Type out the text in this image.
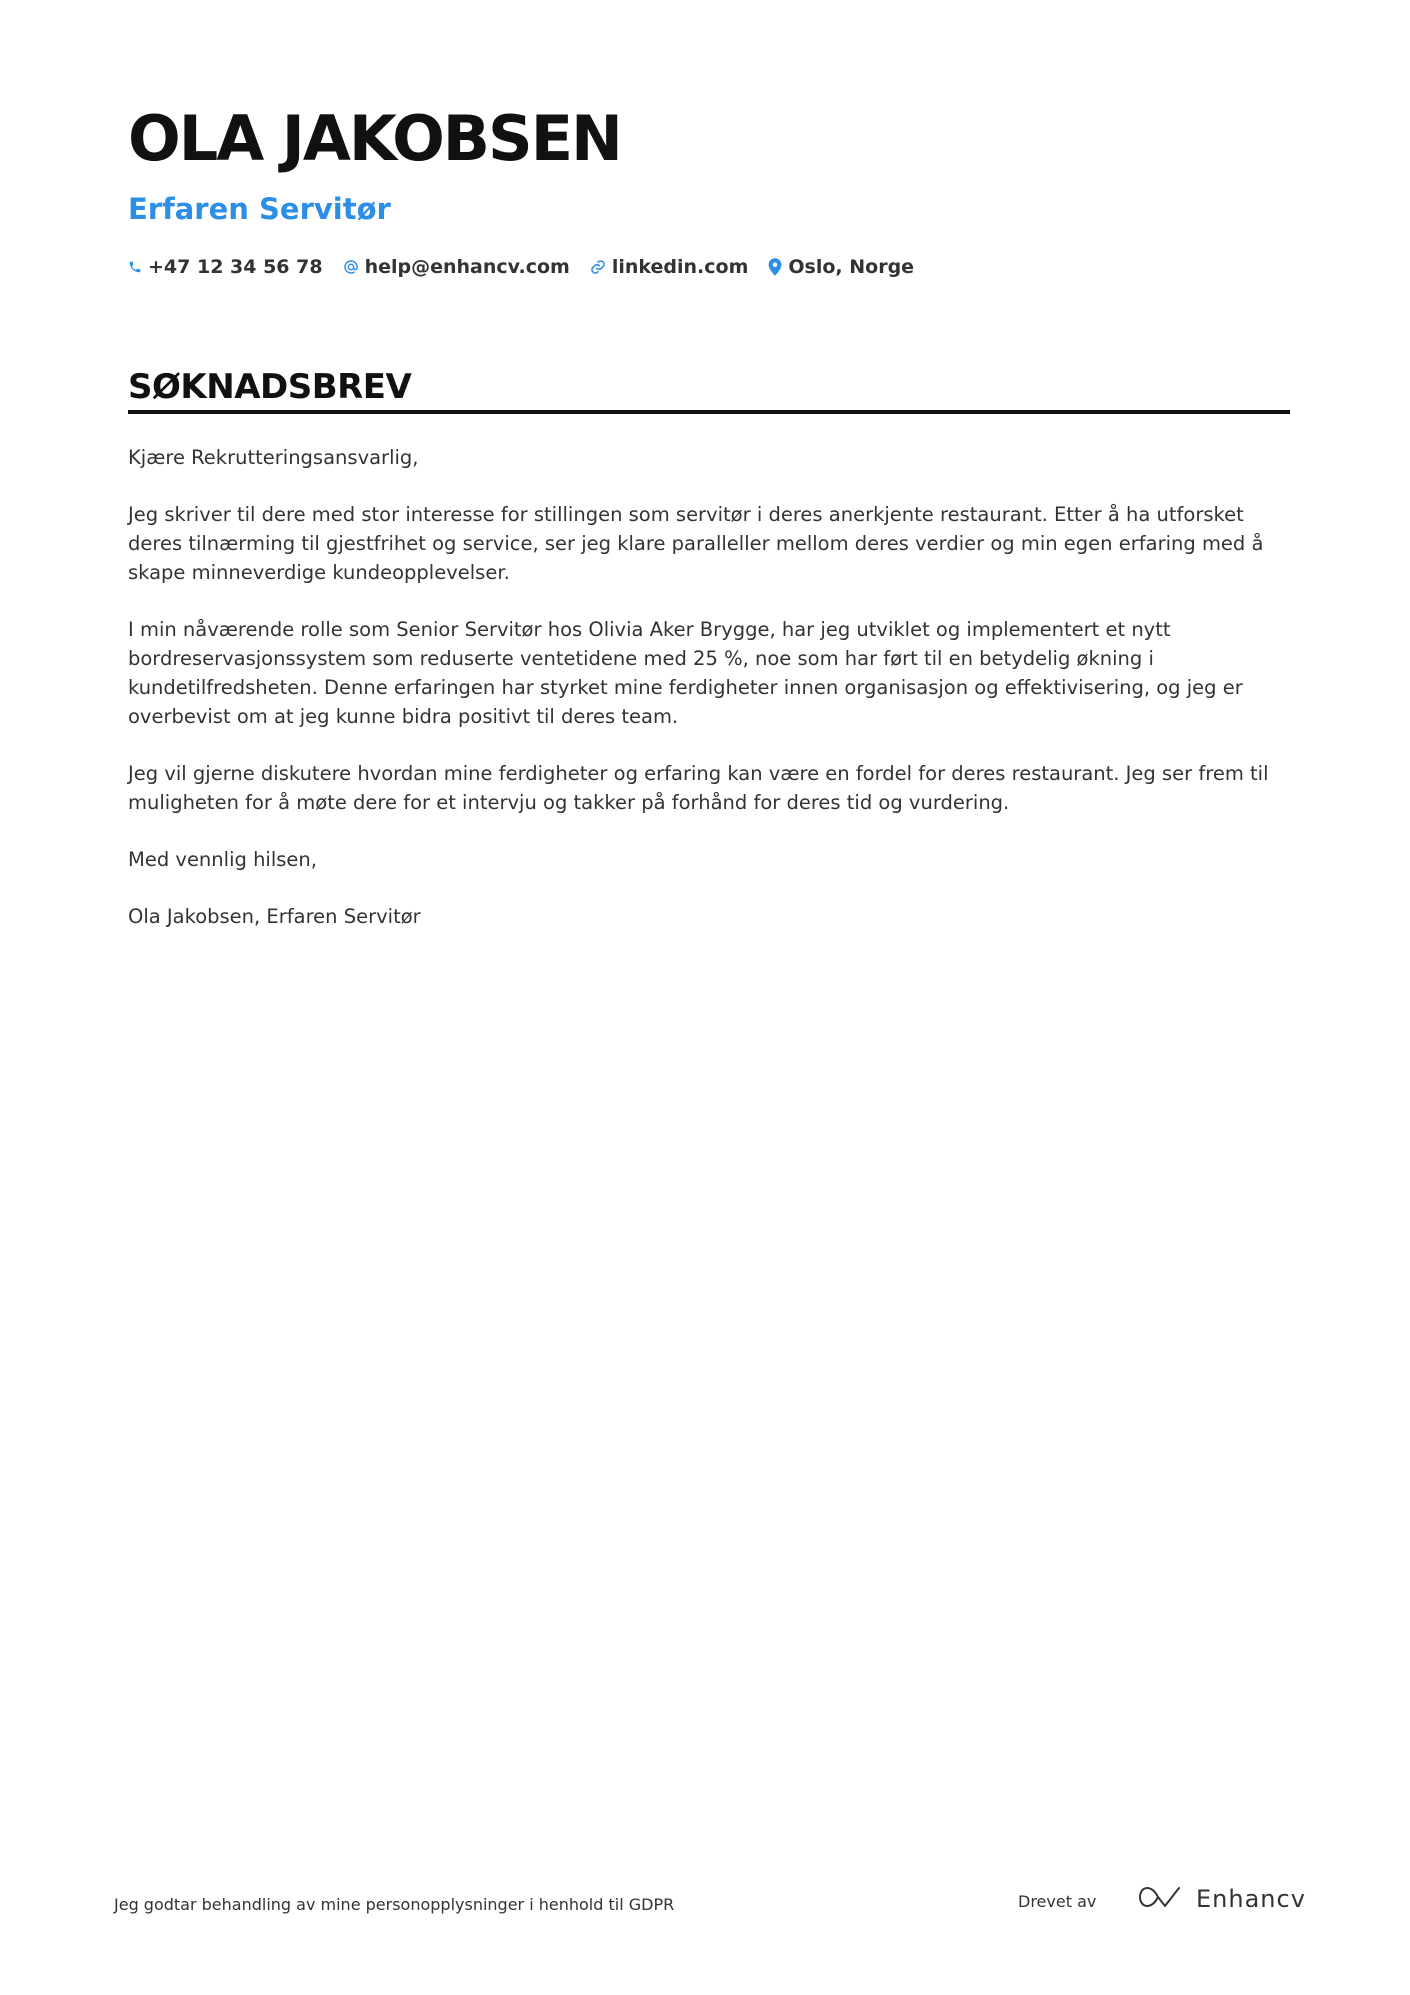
OLA JAKOBSEN
Erfaren Servitør
+47 12 34 56 78 help@enhancv.com linkedin.com Oslo, Norge
SØKNADSBREV

Kjære Rekrutteringsansvarlig,

Jeg skriver til dere med stor interesse for stillingen som servitør i deres anerkjente restaurant. Etter å ha utforsket deres tilnærming til gjestfrihet og service, ser jeg klare paralleller mellom deres verdier og min egen erfaring med å skape minneverdige kundeopplevelser.

I min nåværende rolle som Senior Servitør hos Olivia Aker Brygge, har jeg utviklet og implementert et nytt bordreservasjonssystem som reduserte ventetidene med 25 %, noe som har ført til en betydelig økning i kundetilfredsheten. Denne erfaringen har styrket mine ferdigheter innen organisasjon og effektivisering, og jeg er overbevist om at jeg kunne bidra positivt til deres team.

Jeg vil gjerne diskutere hvordan mine ferdigheter og erfaring kan være en fordel for deres restaurant. Jeg ser frem til muligheten for å møte dere for et intervju og takker på forhånd for deres tid og vurdering.

Med vennlig hilsen,

Ola Jakobsen, Erfaren Servitør

Jeg godtar behandling av mine personopplysninger i henhold til GDPR	Drevet av	Enhancv
